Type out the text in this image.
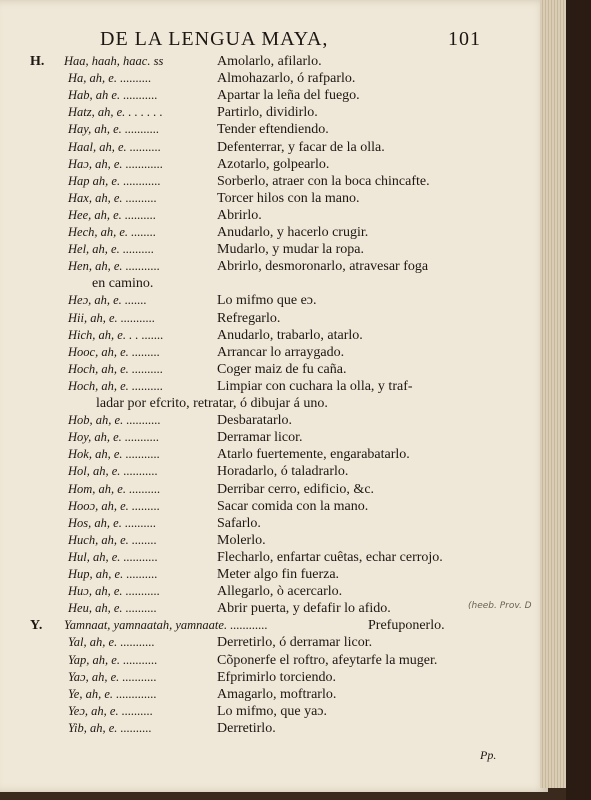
DE LA LENGUA MAYA,	101
H. Haa, haah, haac. ss	Amolarlo, afilarlo.
Ha, ah, e. ..........	Almohazarlo, ó rafparlo.
Hab, ah e. ...........	Apartar la leña del fuego.
Hatz, ah, e. . . . . . .	Partirlo, dividirlo.
Hay, ah, e. ...........	Tender eftendiendo.
Haal, ah, e. ..........	Defenterrar, y facar de la olla.
Haɔ, ah, e. ............	Azotarlo, golpearlo.
Hap ah, e. ............	Sorberlo, atraer con la boca chincafte.
Hax, ah, e. ..........	Torcer hilos con la mano.
Hee, ah, e. ..........	Abrirlo.
Hech, ah, e. ........	Anudarlo, y hacerlo crugir.
Hel, ah, e. ..........	Mudarlo, y mudar la ropa.
Hen, ah, e. ...........	Abrirlo, desmoronarlo, atravesar foga
en camino.
Heɔ, ah, e. .......	Lo mifmo que eɔ.
Hii, ah, e. ...........	Refregarlo.
Hich, ah, e. . . .......	Anudarlo, trabarlo, atarlo.
Hooc, ah, e. .........	Arrancar lo arraygado.
Hoch, ah, e. ..........	Coger maiz de fu caña.
Hoch, ah, e. ..........	Limpiar con cuchara la olla, y traf-
ladar por efcrito, retratar, ó dibujar á uno.
Hob, ah, e. ...........	Desbaratarlo.
Hoy, ah, e. ...........	Derramar licor.
Hok, ah, e. ...........	Atarlo fuertemente, engarabatarlo.
Hol, ah, e. ...........	Horadarlo, ó taladrarlo.
Hom, ah, e. ..........	Derribar cerro, edificio, &c.
Hooɔ, ah, e. .........	Sacar comida con la mano.
Hos, ah, e. ..........	Safarlo.
Huch, ah, e. ........	Molerlo.
Hul, ah, e. ...........	Flecharlo, enfartar cuêtas, echar cerrojo.
Hup, ah, e. ..........	Meter algo fin fuerza.
Huɔ, ah, e. ...........	Allegarlo, ò acercarlo.
Heu, ah, e. ..........	Abrir puerta, y defafir lo afido.	(heeb. Prov. D
Y. Yamnaat, yamnaatah, yamnaate. ............	Prefuponerlo.
Yal, ah, e. ...........	Derretirlo, ó derramar licor.
Yap, ah, e. ...........	Cõponerfe el roftro, afeytarfe la muger.
Yaɔ, ah, e. ...........	Efprimirlo torciendo.
Ye, ah, e. .............	Amagarlo, moftrarlo.
Yeɔ, ah, e. ..........	Lo mifmo, que yaɔ.
Yib, ah, e. ..........	Derretirlo.
Pp.
